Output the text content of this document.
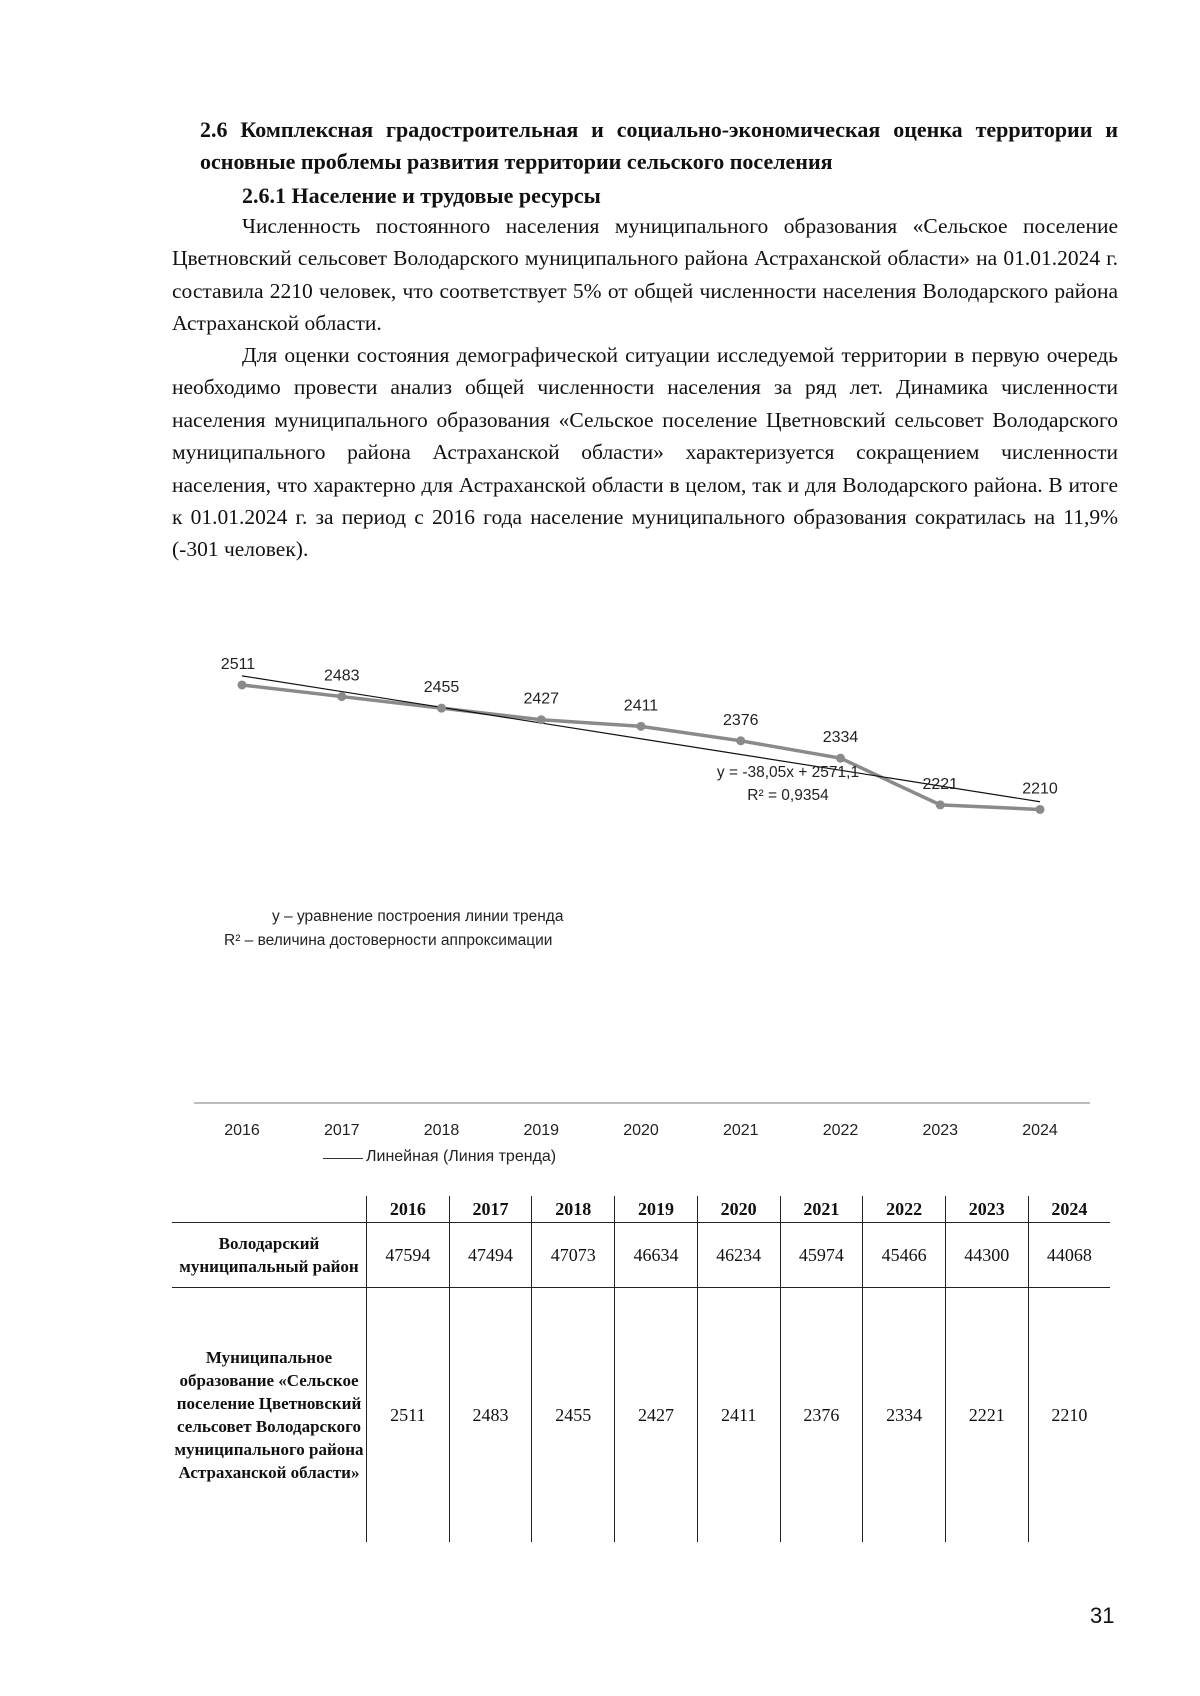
2.6 Комплексная градостроительная и социально-экономическая оценка территории и основные проблемы развития территории сельского поселения
2.6.1 Население и трудовые ресурсы

Численность постоянного населения муниципального образования «Сельское поселение Цветновский сельсовет Володарского муниципального района Астраханской области» на 01.01.2024 г. составила 2210 человек, что соответствует 5% от общей численности населения Володарского района Астраханской области.

Для оценки состояния демографической ситуации исследуемой территории в первую очередь необходимо провести анализ общей численности населения за ряд лет. Динамика численности населения муниципального образования «Сельское поселение Цветновский сельсовет Володарского муниципального района Астраханской области» характеризуется сокращением численности населения, что характерно для Астраханской области в целом, так и для Володарского района. В итоге к 01.01.2024 г. за период с 2016 года население муниципального образования сократилась на 11,9% (-301 человек).

2511
2483
2455
2427	2411
2376
2334
2221	2210
2016	2017	2018	2019	2020	2021	2022	2023	2024
y = -38,05x + 2571,1
R² = 0,9354
y – уравнение построения линии тренда
R² – величина достоверности аппроксимации
Линейная (Линия тренда)
	2016	2017	2018	2019	2020	2021	2022	2023	2024
Володарский муниципальный район	47594	47494	47073	46634	46234	45974	45466	44300	44068
Муниципальное образование «Сельское поселение Цветновский сельсовет Володарского муниципального района Астраханской области»	2511	2483	2455	2427	2411	2376	2334	2221	2210
31
